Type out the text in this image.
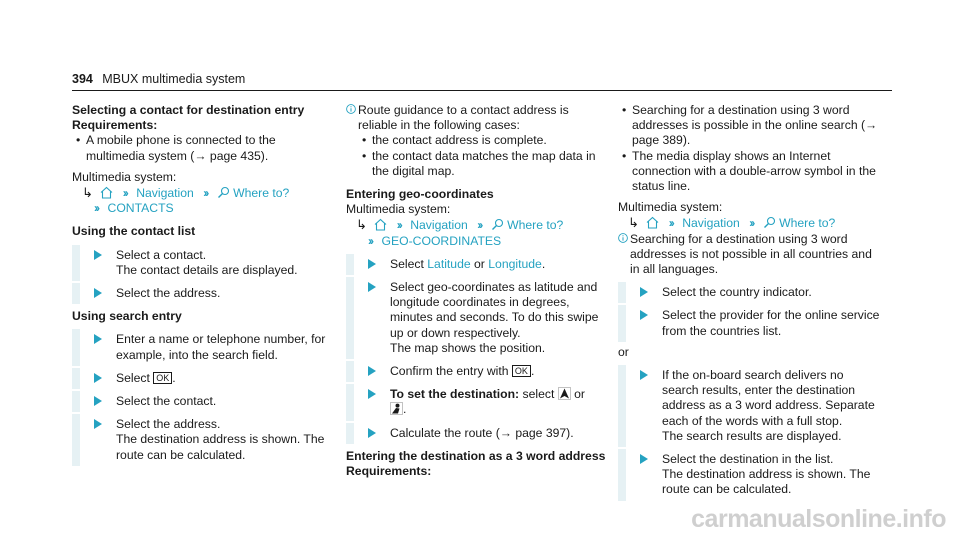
394 MBUX multimedia system

Selecting a contact for destination entry

Requirements:

• A mobile phone is connected to the multimedia system (→ page 435).

Multimedia system:

↳ ›› Navigation ›› Where to?

›› CONTACTS

Using the contact list

Select a contact.

The contact details are displayed.

Select the address.

Using search entry

Enter a name or telephone number, for example, into the search field.

Select OK .

Select the contact.

Select the address.

The destination address is shown. The route can be calculated.

Route guidance to a contact address is reliable in the following cases:

• the contact address is complete.

• the contact data matches the map data in the digital map.

Entering geo-coordinates

Multimedia system:

↳ ›› Navigation ›› Where to?

›› GEO-COORDINATES

Select Latitude or Longitude.

Select geo-coordinates as latitude and longitude coordinates in degrees, minutes and seconds. To do this swipe up or down respectively.

The map shows the position.

Confirm the entry with OK .

To set the destination: select or

.

Calculate the route (→ page 397).

Entering the destination as a 3 word address

Requirements:

• Searching for a destination using 3 word addresses is possible in the online search (→ page 389).

• The media display shows an Internet connection with a double-arrow symbol in the status line.

Multimedia system:

↳ ›› Navigation ›› Where to?

Searching for a destination using 3 word addresses is not possible in all countries and in all languages.

Select the country indicator.

Select the provider for the online service from the countries list.

or

If the on-board search delivers no search results, enter the destination address as a 3 word address. Separate each of the words with a full stop.

The search results are displayed.

Select the destination in the list.

The destination address is shown. The route can be calculated.

carmanualsonline.info
